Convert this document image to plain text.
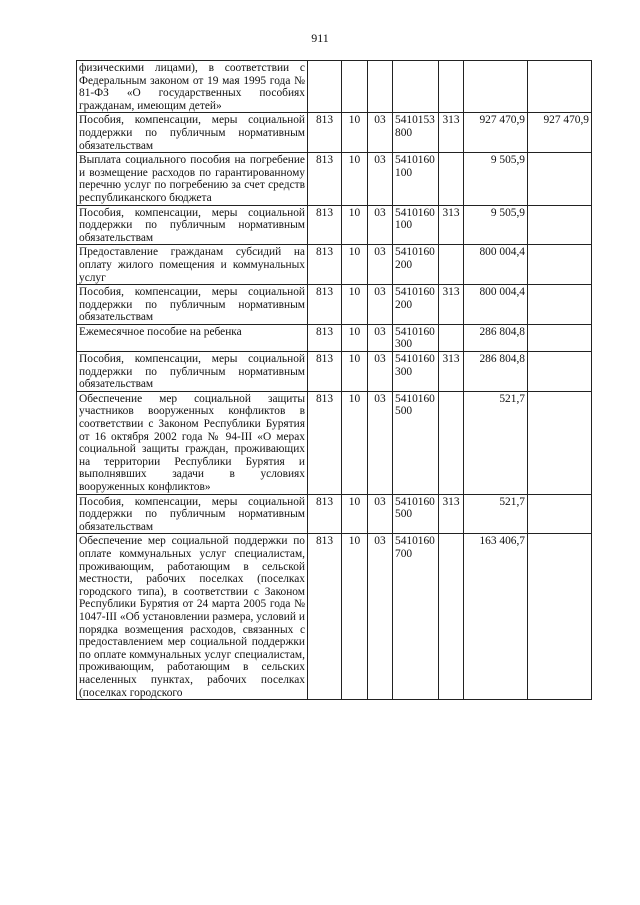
911
физическими лицами), в соответствии с Федеральным законом от 19 мая 1995 года № 81-ФЗ «О государственных пособиях гражданам, имеющим детей»							
Пособия, компенсации, меры социальной поддержки по публичным нормативным обязательствам	813	10	03	5410153800	313	927 470,9	927 470,9
Выплата социального пособия на погребение и возмещение расходов по гарантированному перечню услуг по погребению за счет средств республиканского бюджета	813	10	03	5410160100		9 505,9	
Пособия, компенсации, меры социальной поддержки по публичным нормативным обязательствам	813	10	03	5410160100	313	9 505,9	
Предоставление гражданам субсидий на оплату жилого помещения и коммунальных услуг	813	10	03	5410160200		800 004,4	
Пособия, компенсации, меры социальной поддержки по публичным нормативным обязательствам	813	10	03	5410160200	313	800 004,4	
Ежемесячное пособие на ребенка	813	10	03	5410160300		286 804,8	
Пособия, компенсации, меры социальной поддержки по публичным нормативным обязательствам	813	10	03	5410160300	313	286 804,8	
Обеспечение мер социальной защиты участников вооруженных конфликтов в соответствии с Законом Республики Бурятия от 16 октября 2002 года № 94-III «О мерах социальной защиты граждан, проживающих на территории Республики Бурятия и выполнявших задачи в условиях вооруженных конфликтов»	813	10	03	5410160500		521,7	
Пособия, компенсации, меры социальной поддержки по публичным нормативным обязательствам	813	10	03	5410160500	313	521,7	
Обеспечение мер социальной поддержки по оплате коммунальных услуг специалистам, проживающим, работающим в сельской местности, рабочих поселках (поселках городского типа), в соответствии с Законом Республики Бурятия от 24 марта 2005 года № 1047-III «Об установлении размера, условий и порядка возмещения расходов, связанных с предоставлением мер социальной поддержки по оплате коммунальных услуг специалистам, проживающим, работающим в сельских населенных пунктах, рабочих поселках (поселках городского	813	10	03	5410160700		163 406,7	
